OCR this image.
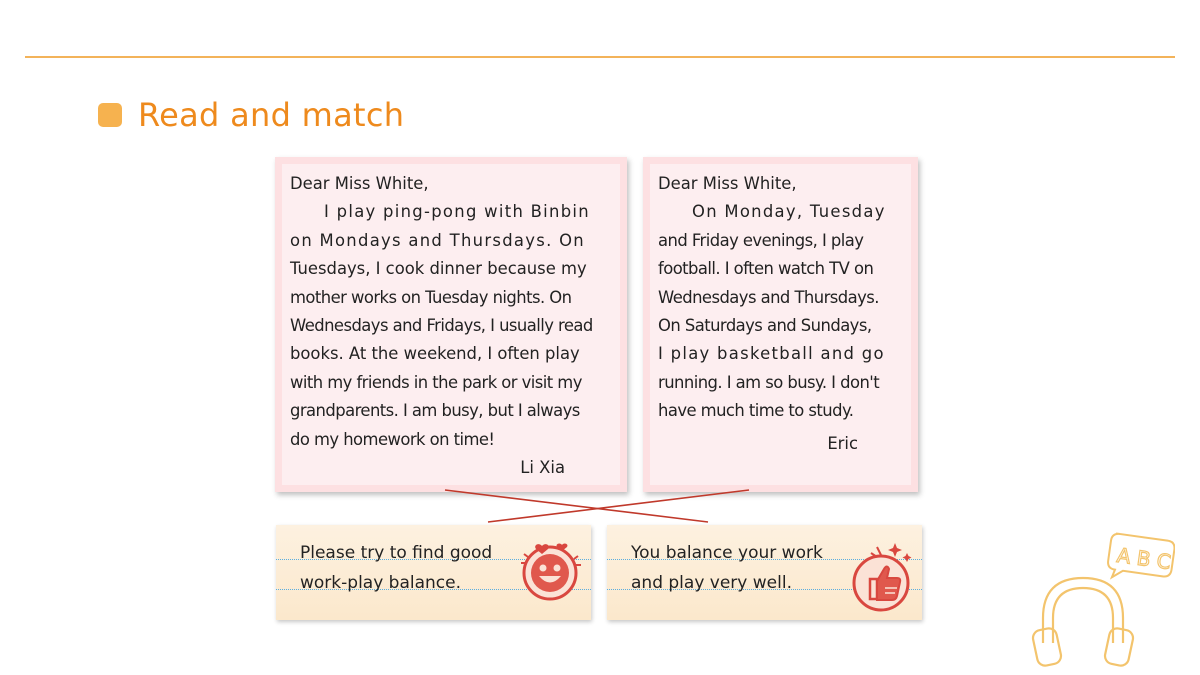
Read and match

Dear Miss White,

I play ping-pong with Binbin

on Mondays and Thursdays. On

Tuesdays, I cook dinner because my

mother works on Tuesday nights. On

Wednesdays and Fridays, I usually read

books. At the weekend, I often play

with my friends in the park or visit my

grandparents. I am busy, but I always

do my homework on time!

Li Xia

Dear Miss White,

On Monday, Tuesday

and Friday evenings, I play

football. I often watch TV on

Wednesdays and Thursdays.

On Saturdays and Sundays,

I play basketball and go

running. I am so busy. I don't

have much time to study.

Eric

Please try to find good

work-play balance.

You balance your work

and play very well.

A B C
